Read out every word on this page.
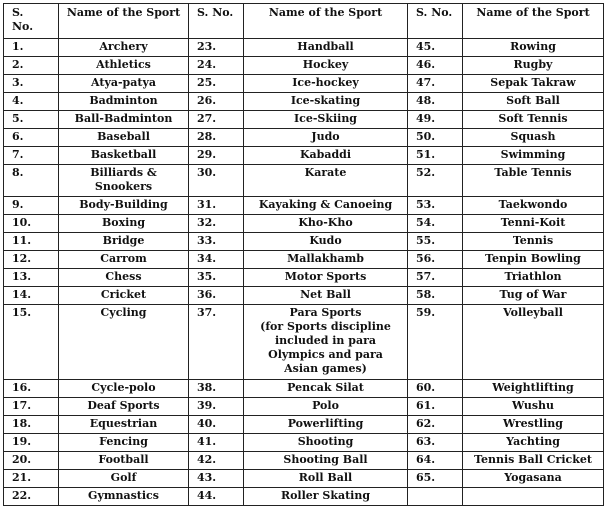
S.
No.	Name of the Sport	S. No.	Name of the Sport	S. No.	Name of the Sport
1.	Archery	23.	Handball	45.	Rowing
2.	Athletics	24.	Hockey	46.	Rugby
3.	Atya-patya	25.	Ice-hockey	47.	Sepak Takraw
4.	Badminton	26.	Ice-skating	48.	Soft Ball
5.	Ball-Badminton	27.	Ice-Skiing	49.	Soft Tennis
6.	Baseball	28.	Judo	50.	Squash
7.	Basketball	29.	Kabaddi	51.	Swimming
8.	Billiards &
Snookers	30.	Karate	52.	Table Tennis
9.	Body-Building	31.	Kayaking & Canoeing	53.	Taekwondo
10.	Boxing	32.	Kho-Kho	54.	Tenni-Koit
11.	Bridge	33.	Kudo	55.	Tennis
12.	Carrom	34.	Mallakhamb	56.	Tenpin Bowling
13.	Chess	35.	Motor Sports	57.	Triathlon
14.	Cricket	36.	Net Ball	58.	Tug of War
15.	Cycling	37.	Para Sports
(for Sports discipline
included in para
Olympics and para
Asian games)	59.	Volleyball
16.	Cycle-polo	38.	Pencak Silat	60.	Weightlifting
17.	Deaf Sports	39.	Polo	61.	Wushu
18.	Equestrian	40.	Powerlifting	62.	Wrestling
19.	Fencing	41.	Shooting	63.	Yachting
20.	Football	42.	Shooting Ball	64.	Tennis Ball Cricket
21.	Golf	43.	Roll Ball	65.	Yogasana
22.	Gymnastics	44.	Roller Skating		
